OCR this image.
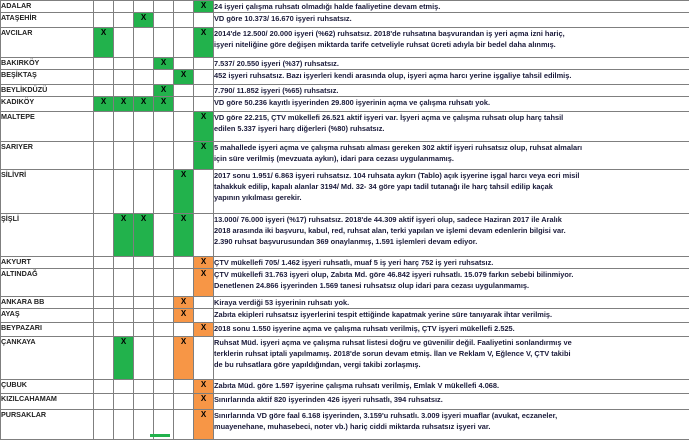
ADALAR						X	24 işyeri çalışma ruhsatı olmadığı halde faaliyetine devam etmiş.

ATAŞEHİR			X				VD göre 10.373/ 16.670 işyeri ruhsatsız.

AVCILAR	X					X	2014'de 12.500/ 20.000 işyeri (%62) ruhsatsız. 2018'de ruhsatına başvurandan iş yeri açma izni hariç,
işyeri niteliğine göre değişen miktarda tarife cetveliyle ruhsat ücreti adıyla bir bedel daha alınmış.

BAKIRKÖY				X			7.537/ 20.550 işyeri (%37) ruhsatsız.

BEŞİKTAŞ					X		452 işyeri ruhsatsız. Bazı işyerleri kendi arasında olup, işyeri açma harcı yerine işgaliye tahsil edilmiş.

BEYLİKDÜZÜ				X			7.790/ 11.852 işyeri (%65) ruhsatsız.

KADIKÖY	X	X	X	X			VD göre 50.236 kayıtlı işyerinden 29.800 işyerinin açma ve çalışma ruhsatı yok.

MALTEPE						X	VD göre 22.215, ÇTV mükellefi 26.521 aktif işyeri var. İşyeri açma ve çalışma ruhsatı olup harç tahsil
edilen 5.337 işyeri harç diğerleri (%80) ruhsatsız.

SARIYER						X	5 mahallede işyeri açma ve çalışma ruhsatı alması gereken 302 aktif işyeri ruhsatsız olup, ruhsat almaları
için süre verilmiş (mevzuata aykırı), idari para cezası uygulanmamış.

SİLİVRİ					X		2017 sonu 1.951/ 6.863 işyeri ruhsatsız. 104 ruhsata aykırı (Tablo) açık işyerine işgal harcı veya ecri misil
tahakkuk edilip, kapalı alanlar 3194/ Md. 32- 34 göre yapı tadil tutanağı ile harç tahsil edilip kaçak
yapının yıkılması gerekir.

ŞİŞLİ		X	X		X		13.000/ 76.000 işyeri (%17) ruhsatsız. 2018'de 44.309 aktif işyeri olup, sadece Haziran 2017 ile Aralık
2018 arasında iki başvuru, kabul, red, ruhsat alan, terki yapılan ve işlemi devam edenlerin bilgisi var.
2.390 ruhsat başvurusundan 369 onaylanmış, 1.591 işlemleri devam ediyor.

AKYURT						X	ÇTV mükellefi 705/ 1.462 işyeri ruhsatlı, muaf 5 iş yeri harç 752 iş yeri ruhsatsız.

ALTINDAĞ						X	ÇTV mükellefi 31.763 işyeri olup, Zabıta Md. göre 46.842 işyeri ruhsatlı. 15.079 farkın sebebi bilinmiyor.
Denetlenen 24.866 işyerinden 1.569 tanesi ruhsatsız olup idari para cezası uygulanmamış.

ANKARA BB					X		Kiraya verdiği 53 işyerinin ruhsatı yok.

AYAŞ					X		Zabıta ekipleri ruhsatsız işyerlerini tespit ettiğinde kapatmak yerine süre tanıyarak ihtar verilmiş.

BEYPAZARI						X	2018 sonu 1.550 işyerine açma ve çalışma ruhsatı verilmiş, ÇTV işyeri mükellefi 2.525.

ÇANKAYA		X			X		Ruhsat Müd. işyeri açma ve çalışma ruhsat listesi doğru ve güvenilir değil. Faaliyetini sonlandırmış ve
terklerin ruhsat iptali yapılmamış. 2018'de sorun devam etmiş. İlan ve Reklam V, Eğlence V, ÇTV takibi
de bu ruhsatlara göre yapıldığından, vergi takibi zorlaşmış.

ÇUBUK						X	Zabıta Müd. göre 1.597 işyerine çalışma ruhsatı verilmiş, Emlak V mükellefi 4.068.

KIZILCAHAMAM						X	Sınırlarında aktif 820 işyerinden 426 işyeri ruhsatlı, 394 ruhsatsız.

PURSAKLAR						X	Sınırlarında VD göre faal 6.168 işyerinden, 3.159'u ruhsatlı. 3.009 işyeri muaflar (avukat, eczaneler,
muayenehane, muhasebeci, noter vb.) hariç ciddi miktarda ruhsatsız işyeri var.
